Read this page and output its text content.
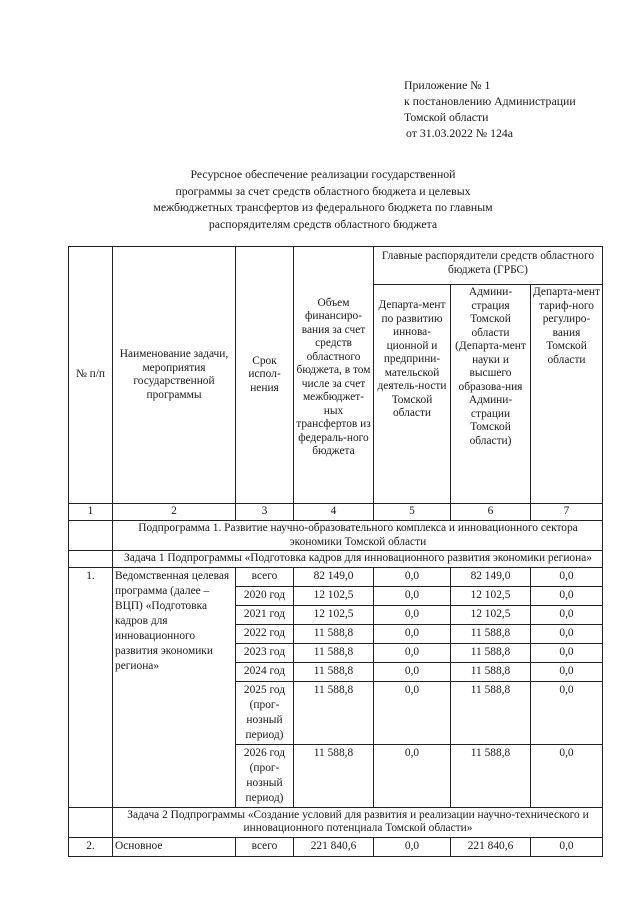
Приложение № 1
к постановлению Администрации
Томской области
от 31.03.2022 № 124а
Ресурсное обеспечение реализации государственной
программы за счет средств областного бюджета и целевых
межбюджетных трансфертов из федерального бюджета по главным
распорядителям средств областного бюджета
№ п/п	Наименование задачи, мероприятия государственной программы	Срок испол-нения	Объем финансиро-вания за счет средств областного бюджета, в том числе за счет межбюджет-ных трансфертов из федераль-ного бюджета	Главные распорядители средств областного бюджета (ГРБС)		
				Департа-мент по развитию иннова-ционной и предприни-мательской деятель-ности Томской области	Админи-страция Томской области (Департа-мент науки и высшего образова-ния Админи-страции Томской области)	Департа-мент тариф-ного регулиро-вания Томской области
1	2	3	4	5	6	7
	Подпрограмма 1. Развитие научно-образовательного комплекса и инновационного сектора экономики Томской области					
	Задача 1 Подпрограммы «Подготовка кадров для инновационного развития экономики региона»					
1.	Ведомственная целевая программа (далее – ВЦП) «Подготовка кадров для инновационного развития экономики региона»	всего	82 149,0	0,0	82 149,0	0,0
		2020 год	12 102,5	0,0	12 102,5	0,0
		2021 год	12 102,5	0,0	12 102,5	0,0
		2022 год	11 588,8	0,0	11 588,8	0,0
		2023 год	11 588,8	0,0	11 588,8	0,0
		2024 год	11 588,8	0,0	11 588,8	0,0
		2025 год (прог-нозный период)	11 588,8	0,0	11 588,8	0,0
		2026 год (прог-нозный период)	11 588,8	0,0	11 588,8	0,0
	Задача 2 Подпрограммы «Создание условий для развития и реализации научно-технического и инновационного потенциала Томской области»					
2.	Основное	всего	221 840,6	0,0	221 840,6	0,0
